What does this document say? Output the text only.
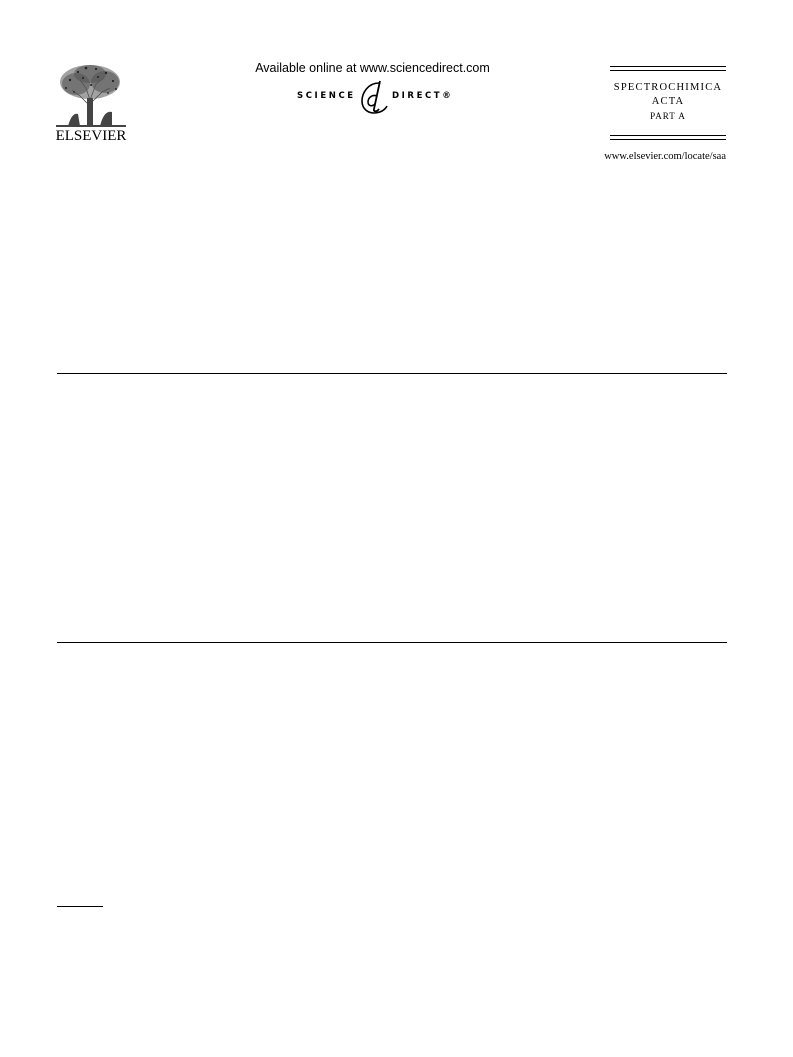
ELSEVIER
Available online at www.sciencedirect.com
SCIENCE	DIRECT®
SPECTROCHIMICA
ACTA
PART A
www.elsevier.com/locate/saa
